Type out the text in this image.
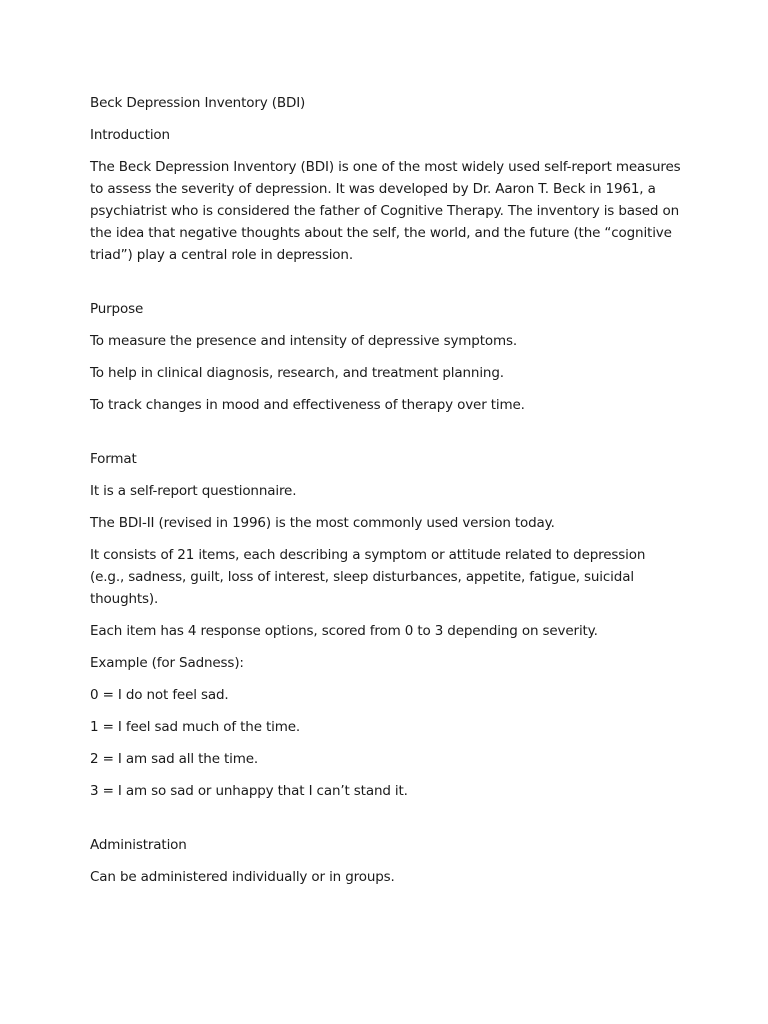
Beck Depression Inventory (BDI)

Introduction

The Beck Depression Inventory (BDI) is one of the most widely used self-report measures to assess the severity of depression. It was developed by Dr. Aaron T. Beck in 1961, a psychiatrist who is considered the father of Cognitive Therapy. The inventory is based on the idea that negative thoughts about the self, the world, and the future (the “cognitive triad”) play a central role in depression.

Purpose

To measure the presence and intensity of depressive symptoms.

To help in clinical diagnosis, research, and treatment planning.

To track changes in mood and effectiveness of therapy over time.

Format

It is a self-report questionnaire.

The BDI-II (revised in 1996) is the most commonly used version today.

It consists of 21 items, each describing a symptom or attitude related to depression (e.g., sadness, guilt, loss of interest, sleep disturbances, appetite, fatigue, suicidal thoughts).

Each item has 4 response options, scored from 0 to 3 depending on severity.

Example (for Sadness):

0 = I do not feel sad.

1 = I feel sad much of the time.

2 = I am sad all the time.

3 = I am so sad or unhappy that I can’t stand it.

Administration

Can be administered individually or in groups.
